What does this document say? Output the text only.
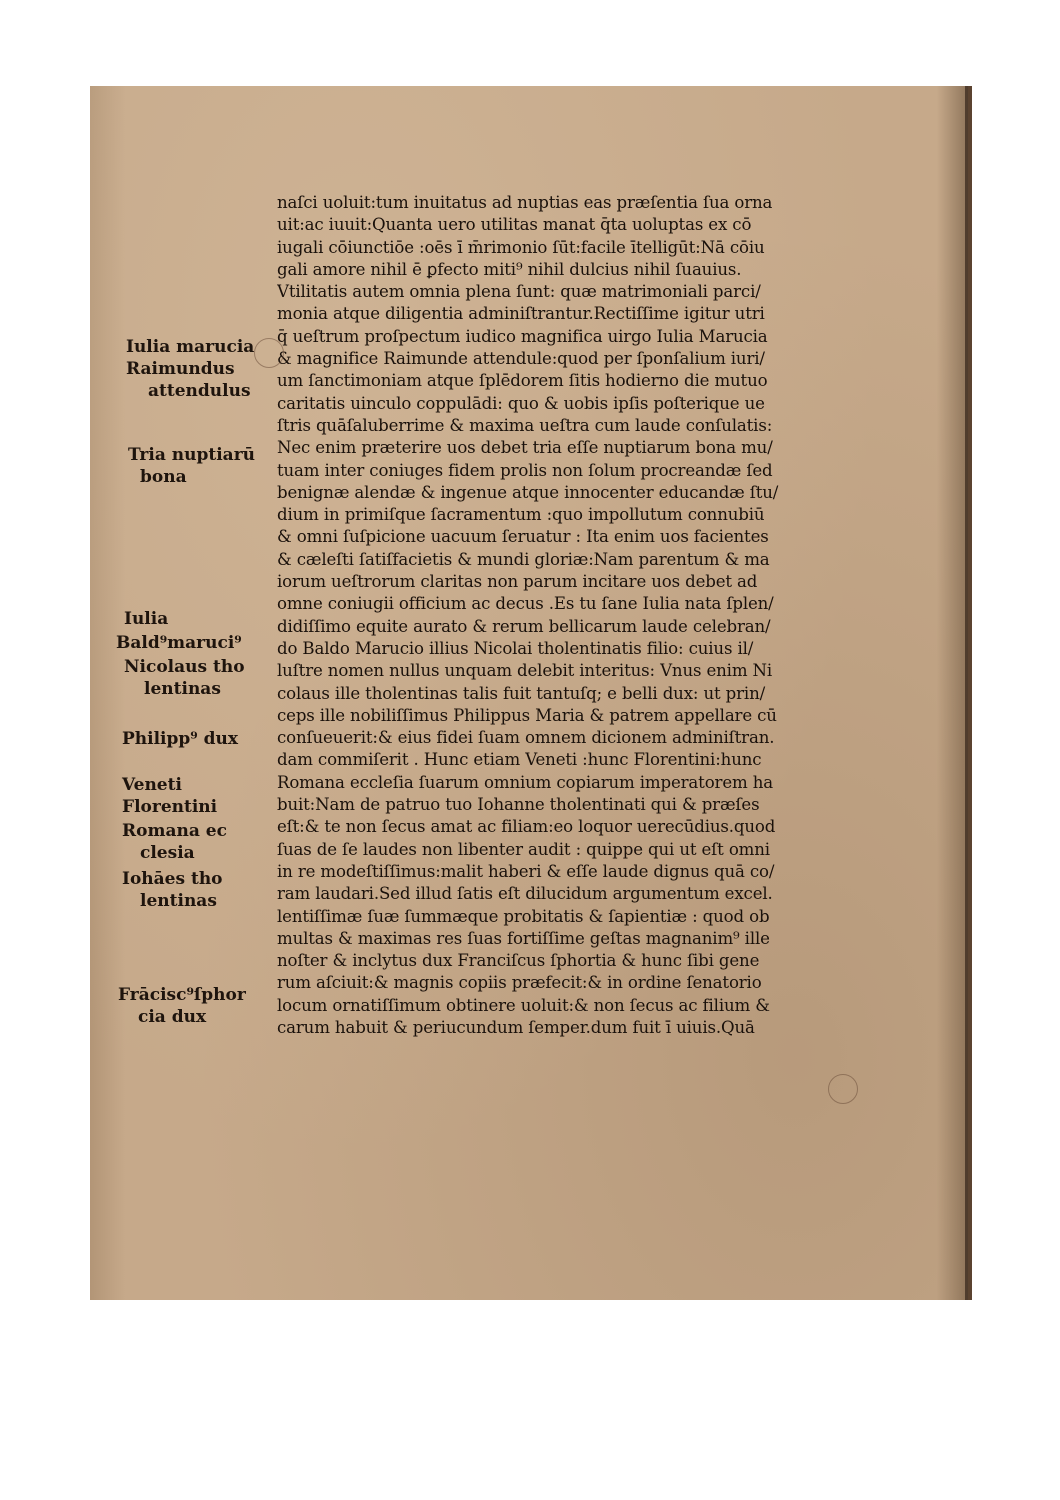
Iulia marucia
Raimundus
attendulus
Tria nuptiarū
bona
Iulia
Bald⁹maruci⁹
Nicolaus tho
lentinas
Philipp⁹ dux
Veneti
Florentini
Romana ec
clesia
Iohāes tho
lentinas
Frācisc⁹ſphor
cia dux
naſci uoluit:tum inuitatus ad nuptias eas præſentia ſua orna
uit:ac iuuit:Quanta uero utilitas manat q̄ta uoluptas ex cō
iugali cōiunctiōe :oēs ī m̄rimonio ſūt:facile ītelligūt:Nā cōiu
gali amore nihil ē ꝑfecto miti⁹ nihil dulcius nihil ſuauius.
Vtilitatis autem omnia plena ſunt: quæ matrimoniali parci/
monia atque diligentia adminiſtrantur.Rectiſſime igitur utri
q̄ ueſtrum proſpectum iudico magnifica uirgo Iulia Marucia
& magnifice Raimunde attendule:quod per ſponſalium iuri/
um ſanctimoniam atque ſplēdorem ſitis hodierno die mutuo
caritatis uinculo coppulādi: quo & uobis ipſis poſterique ue
ſtris quāſaluberrime & maxima ueſtra cum laude conſulatis:
Nec enim præterire uos debet tria eſſe nuptiarum bona mu/
tuam inter coniuges fidem prolis non ſolum procreandæ ſed
benignæ alendæ & ingenue atque innocenter educandæ ſtu/
dium in primiſque ſacramentum :quo impollutum connubiū
& omni ſuſpicione uacuum ſeruatur : Ita enim uos facientes
& cæleſti ſatiſfacietis & mundi gloriæ:Nam parentum & ma
iorum ueſtrorum claritas non parum incitare uos debet ad
omne coniugii officium ac decus .Es tu ſane Iulia nata ſplen/
didiſſimo equite aurato & rerum bellicarum laude celebran/
do Baldo Marucio illius Nicolai tholentinatis filio: cuius il/
luſtre nomen nullus unquam delebit interitus: Vnus enim Ni
colaus ille tholentinas talis fuit tantuſq; e belli dux: ut prin/
ceps ille nobiliſſimus Philippus Maria & patrem appellare cū
conſueuerit:& eius fidei ſuam omnem dicionem adminiſtran.
dam commiſerit . Hunc etiam Veneti :hunc Florentini:hunc
Romana eccleſia ſuarum omnium copiarum imperatorem ha
buit:Nam de patruo tuo Iohanne tholentinati qui & præſes
eſt:& te non ſecus amat ac filiam:eo loquor uerecūdius.quod
ſuas de ſe laudes non libenter audit : quippe qui ut eſt omni
in re modeſtiſſimus:malit haberi & eſſe laude dignus quā co/
ram laudari.Sed illud ſatis eſt dilucidum argumentum excel.
lentiſſimæ ſuæ ſummæque probitatis & ſapientiæ : quod ob
multas & maximas res ſuas fortiſſime geſtas magnanim⁹ ille
noſter & inclytus dux Franciſcus ſphortia & hunc ſibi gene
rum aſciuit:& magnis copiis præfecit:& in ordine ſenatorio
locum ornatiſſimum obtinere uoluit:& non ſecus ac filium &
carum habuit & periucundum ſemper.dum fuit ī uiuis.Quā
